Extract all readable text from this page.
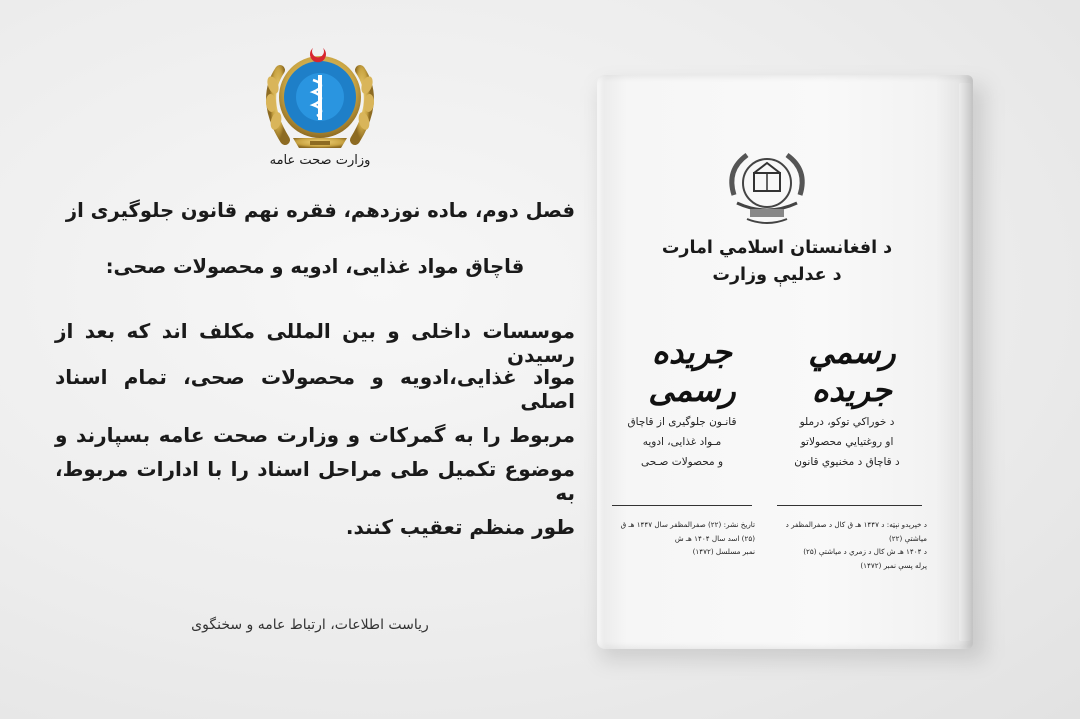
وزارت صحت عامه
فصل دوم، ماده نوزدهم، فقره نهم قانون جلوگیری از
قاچاق مواد غذایی، ادویه و محصولات صحی:
موسسات داخلی و بین المللی مکلف اند که بعد از رسیدن
مواد غذایی،ادویه و محصولات صحی، تمام اسناد اصلی
مربوط را به گمرکات و وزارت صحت عامه بسپارند و
موضوع تکمیل طی مراحل اسناد را با ادارات مربوط، به
طور منظم تعقیب کنند.
ریاست اطلاعات، ارتباط عامه و سخنگوی
د افغانستان اسلامي امارت
د عدلیې وزارت
رسمي جريده
جريده رسمی
د خوراکي توکو، درملو
او روغتیايي محصولاتو
د قاچاق د مخنیوي قانون
قانـون جلوگیری از قاچاق
مـواد غذایی، ادویه
و محصولات صـحی
د خپرېدو نېټه: د ۱۴۴۷ هـ ق کال د صفرالمظفر د میاشتې (۲۲)
د ۱۴۰۴ هـ ش کال د زمري د میاشتې (۲۵)
پرله پسې نمبر (۱۴۷۲)
تاریخ نشر: (۲۲) صفرالمظفر سال ۱۴۴۷ هـ ق
(۲۵) اسد سال ۱۴۰۴ هـ ش
نمبر مسلسل (۱۴۷۲)
